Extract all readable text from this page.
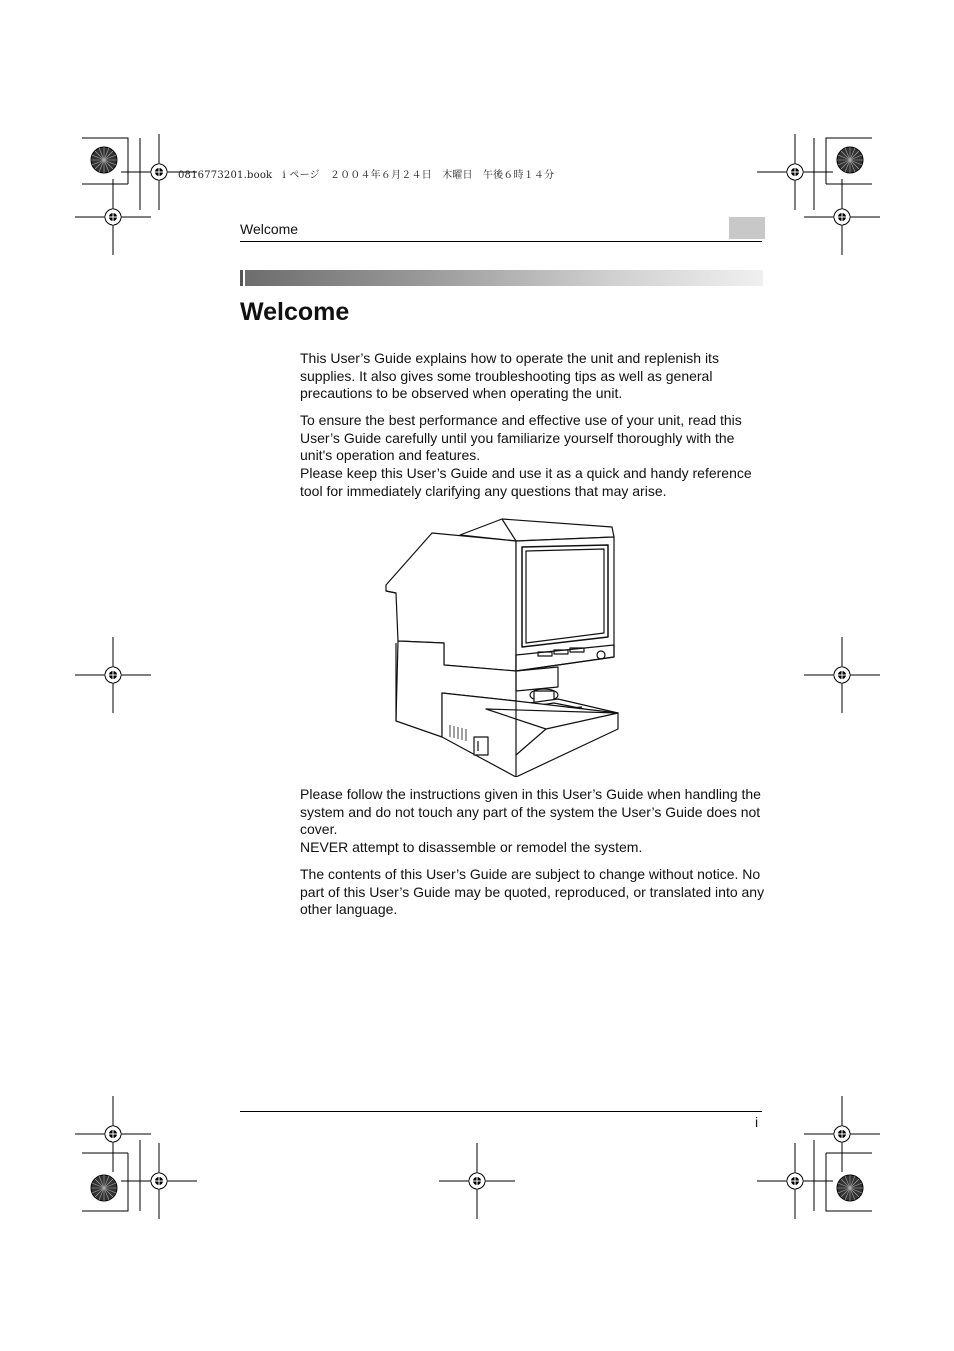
0816773201.book　i ページ　２００４年６月２４日　木曜日　午後６時１４分
Welcome
Welcome

This User’s Guide explains how to operate the unit and replenish its supplies. It also gives some troubleshooting tips as well as general precautions to be observed when operating the unit.

To ensure the best performance and effective use of your unit, read this User’s Guide carefully until you familiarize yourself thoroughly with the unit's operation and features.

Please keep this User’s Guide and use it as a quick and handy reference tool for immediately clarifying any questions that may arise.

Please follow the instructions given in this User’s Guide when handling the system and do not touch any part of the system the User’s Guide does not cover.

NEVER attempt to disassemble or remodel the system.

The contents of this User’s Guide are subject to change without notice. No part of this User’s Guide may be quoted, reproduced, or translated into any other language.

i
